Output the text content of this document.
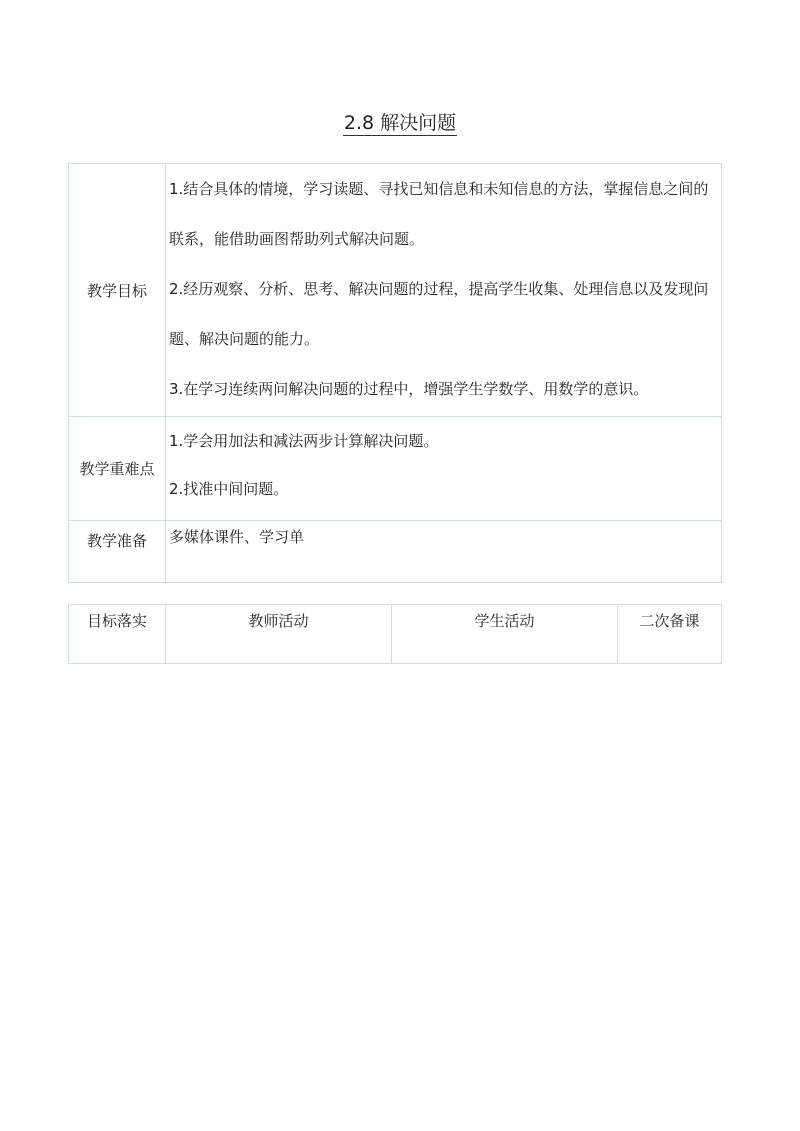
2.8 解决问题
教学目标	1.结合具体的情境，学习读题、寻找已知信息和未知信息的方法，掌握信息之间的联系，能借助画图帮助列式解决问题。

2.经历观察、分析、思考、解决问题的过程，提高学生收集、处理信息以及发现问题、解决问题的能力。

3.在学习连续两问解决问题的过程中，增强学生学数学、用数学的意识。

教学重难点	1.学会用加法和减法两步计算解决问题。

2.找准中间问题。

教学准备	多媒体课件、学习单
目标落实	教师活动	学生活动	二次备课
